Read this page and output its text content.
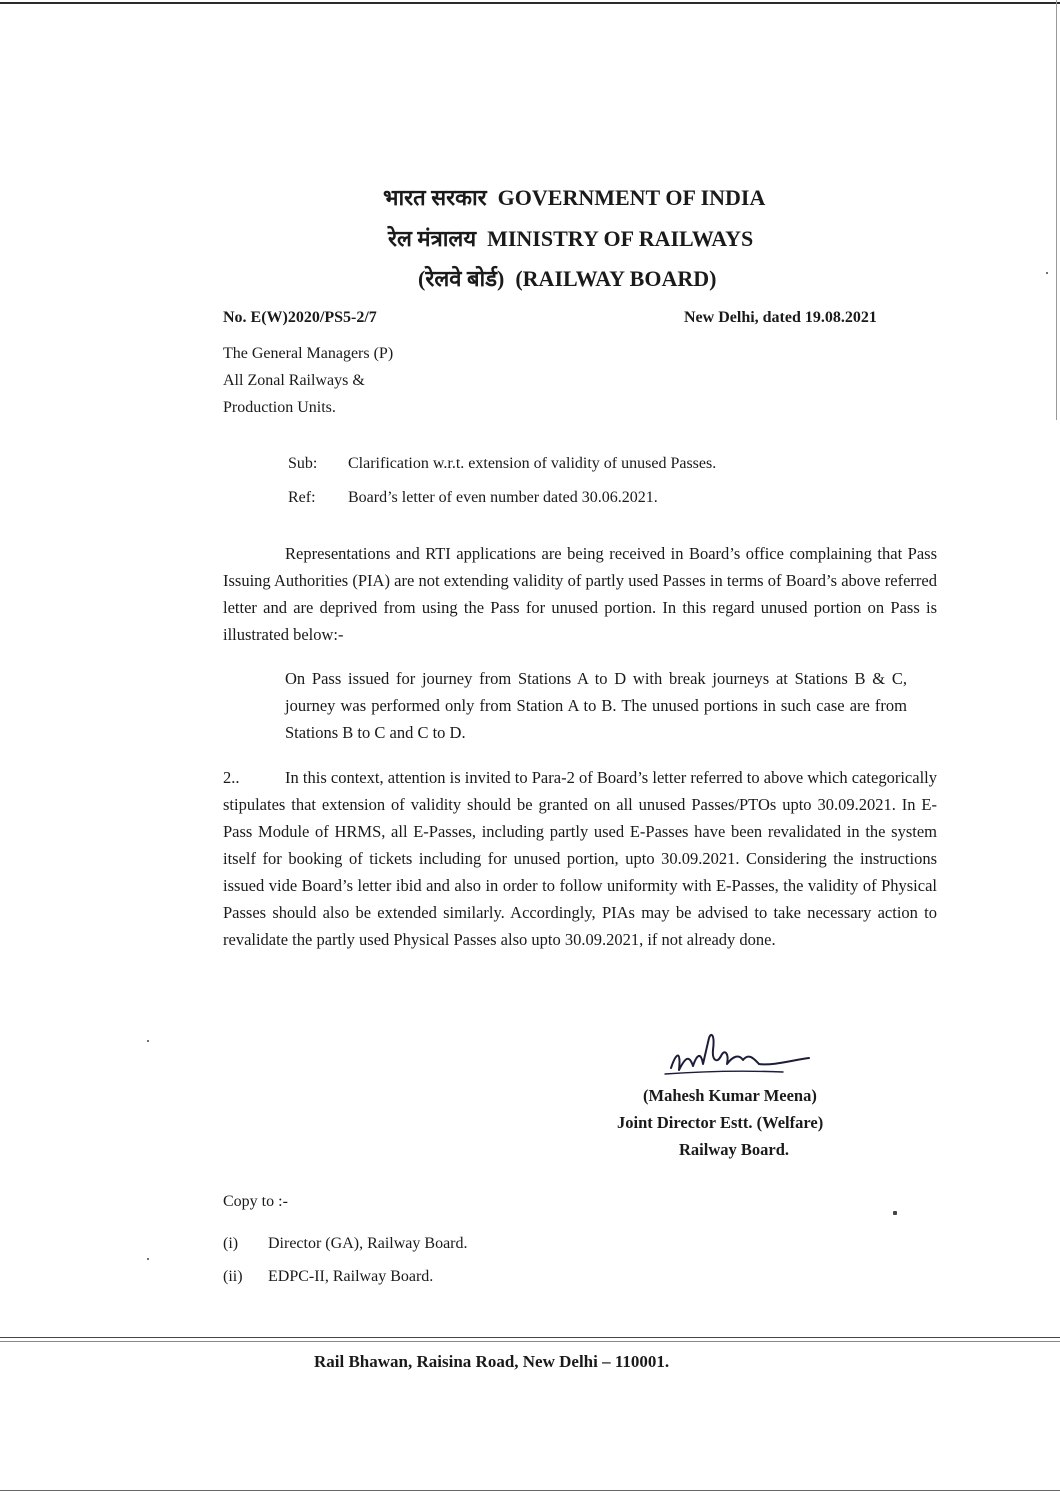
भारत सरकार GOVERNMENT OF INDIA
रेल मंत्रालय MINISTRY OF RAILWAYS
(रेलवे बोर्ड) (RAILWAY BOARD)
No. E(W)2020/PS5-2/7	New Delhi, dated 19.08.2021
The General Managers (P)
All Zonal Railways &
Production Units.
Sub: Clarification w.r.t. extension of validity of unused Passes.
Ref: Board’s letter of even number dated 30.06.2021.
Representations and RTI applications are being received in Board’s office complaining that Pass Issuing Authorities (PIA) are not extending validity of partly used Passes in terms of Board’s above referred letter and are deprived from using the Pass for unused portion. In this regard unused portion on Pass is illustrated below:-
On Pass issued for journey from Stations A to D with break journeys at Stations B & C, journey was performed only from Station A to B. The unused portions in such case are from Stations B to C and C to D.
2..	In this context, attention is invited to Para-2 of Board’s letter referred to above which categorically stipulates that extension of validity should be granted on all unused Passes/PTOs upto 30.09.2021. In E-Pass Module of HRMS, all E-Passes, including partly used E-Passes have been revalidated in the system itself for booking of tickets including for unused portion, upto 30.09.2021. Considering the instructions issued vide Board’s letter ibid and also in order to follow uniformity with E-Passes, the validity of Physical Passes should also be extended similarly. Accordingly, PIAs may be advised to take necessary action to revalidate the partly used Physical Passes also upto 30.09.2021, if not already done.
(Mahesh Kumar Meena)
Joint Director Estt. (Welfare)
Railway Board.
Copy to :-
(i) Director (GA), Railway Board.
(ii) EDPC-II, Railway Board.
Rail Bhawan, Raisina Road, New Delhi – 110001.
